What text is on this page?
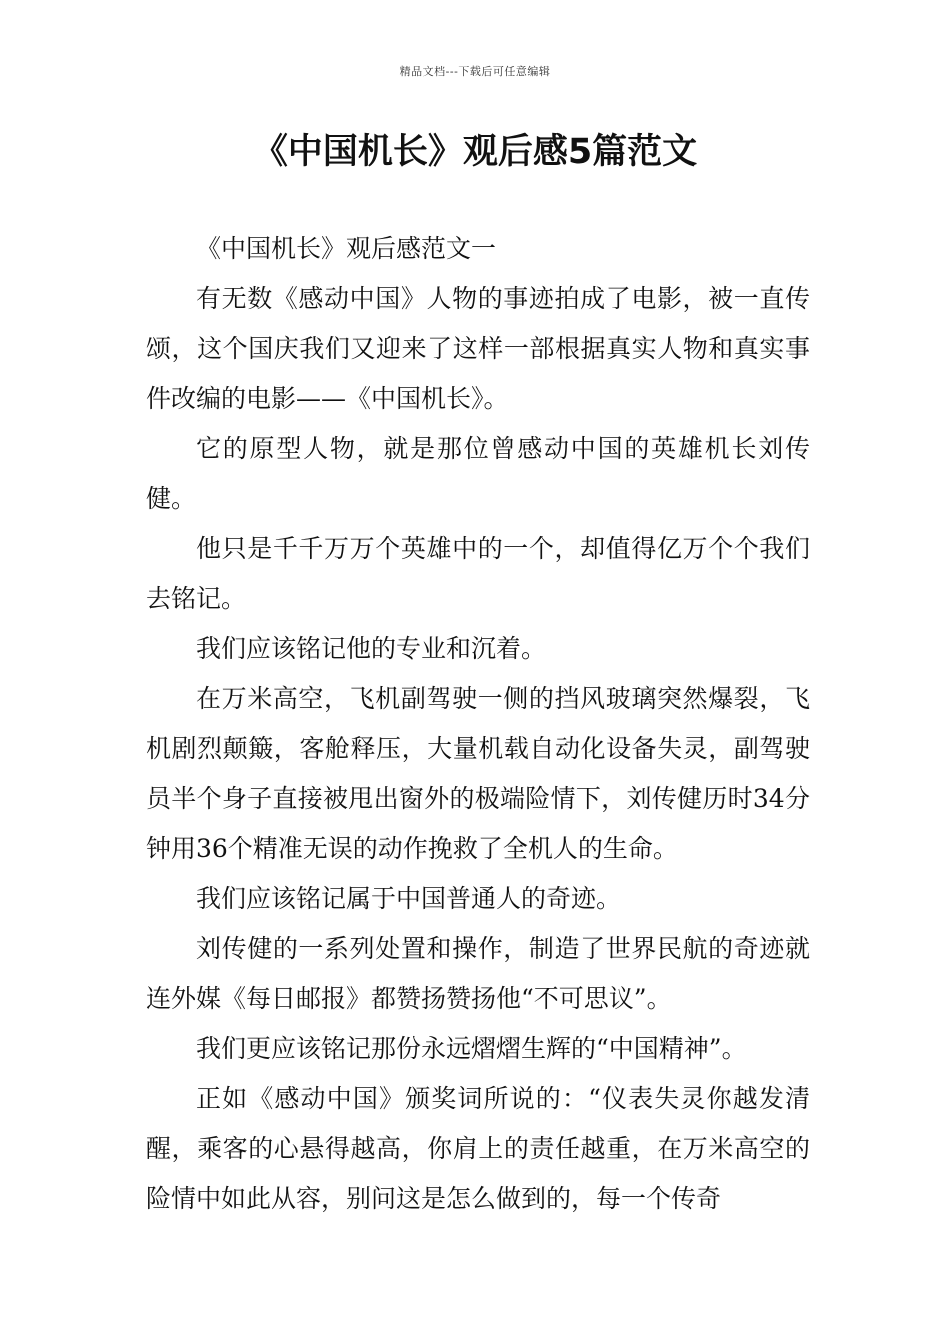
精品文档---下载后可任意编辑
《中国机长》观后感5篇范文

《中国机长》观后感范文一

有无数《感动中国》人物的事迹拍成了电影，被一直传颂，这个国庆我们又迎来了这样一部根据真实人物和真实事件改编的电影——《中国机长》。

它的原型人物，就是那位曾感动中国的英雄机长刘传健。

他只是千千万万个英雄中的一个，却值得亿万个个我们去铭记。

我们应该铭记他的专业和沉着。

在万米高空，飞机副驾驶一侧的挡风玻璃突然爆裂，飞机剧烈颠簸，客舱释压，大量机载自动化设备失灵，副驾驶员半个身子直接被甩出窗外的极端险情下，刘传健历时34分钟用36个精准无误的动作挽救了全机人的生命。

我们应该铭记属于中国普通人的奇迹。

刘传健的一系列处置和操作，制造了世界民航的奇迹就连外媒《每日邮报》都赞扬赞扬他“不可思议”。

我们更应该铭记那份永远熠熠生辉的“中国精神”。

正如《感动中国》颁奖词所说的：“仪表失灵你越发清醒，乘客的心悬得越高，你肩上的责任越重，在万米高空的险情中如此从容，别问这是怎么做到的，每一个传奇
